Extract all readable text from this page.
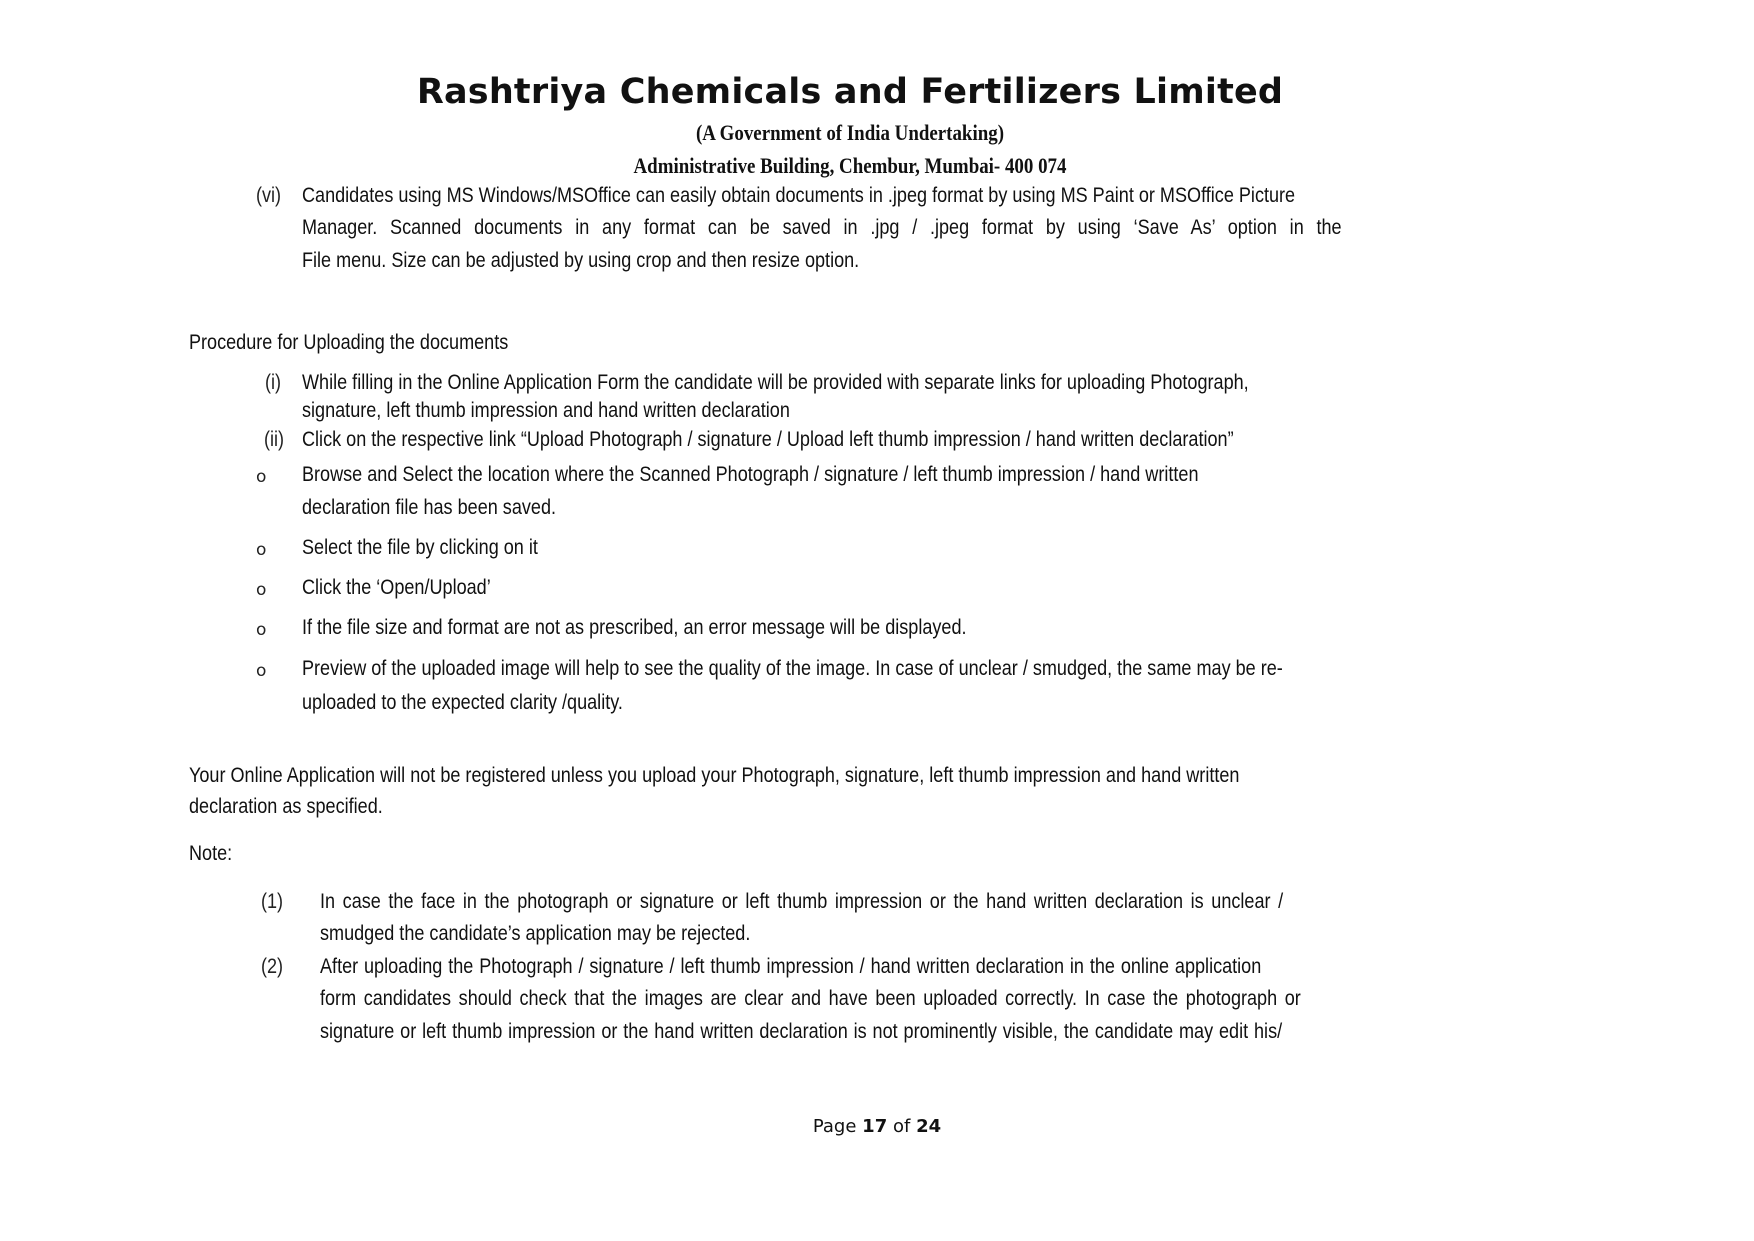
Rashtriya Chemicals and Fertilizers Limited
(A Government of India Undertaking)
Administrative Building, Chembur, Mumbai- 400 074
(vi) Candidates using MS Windows/MSOffice can easily obtain documents in .jpeg format by using MS Paint or MSOffice Picture
Manager. Scanned documents in any format can be saved in .jpg / .jpeg format by using ‘Save As’ option in the
File menu. Size can be adjusted by using crop and then resize option.
Procedure for Uploading the documents
(i) While filling in the Online Application Form the candidate will be provided with separate links for uploading Photograph,
signature, left thumb impression and hand written declaration
(ii) Click on the respective link “Upload Photograph / signature / Upload left thumb impression / hand written declaration”
o Browse and Select the location where the Scanned Photograph / signature / left thumb impression / hand written
declaration file has been saved.
o Select the file by clicking on it
o Click the ‘Open/Upload’
o If the file size and format are not as prescribed, an error message will be displayed.
o Preview of the uploaded image will help to see the quality of the image. In case of unclear / smudged, the same may be re-
uploaded to the expected clarity /quality.
Your Online Application will not be registered unless you upload your Photograph, signature, left thumb impression and hand written
declaration as specified.
Note:
(1) In case the face in the photograph or signature or left thumb impression or the hand written declaration is unclear /
smudged the candidate’s application may be rejected.
(2) After uploading the Photograph / signature / left thumb impression / hand written declaration in the online application
form candidates should check that the images are clear and have been uploaded correctly. In case the photograph or
signature or left thumb impression or the hand written declaration is not prominently visible, the candidate may edit his/
Page 17 of 24
